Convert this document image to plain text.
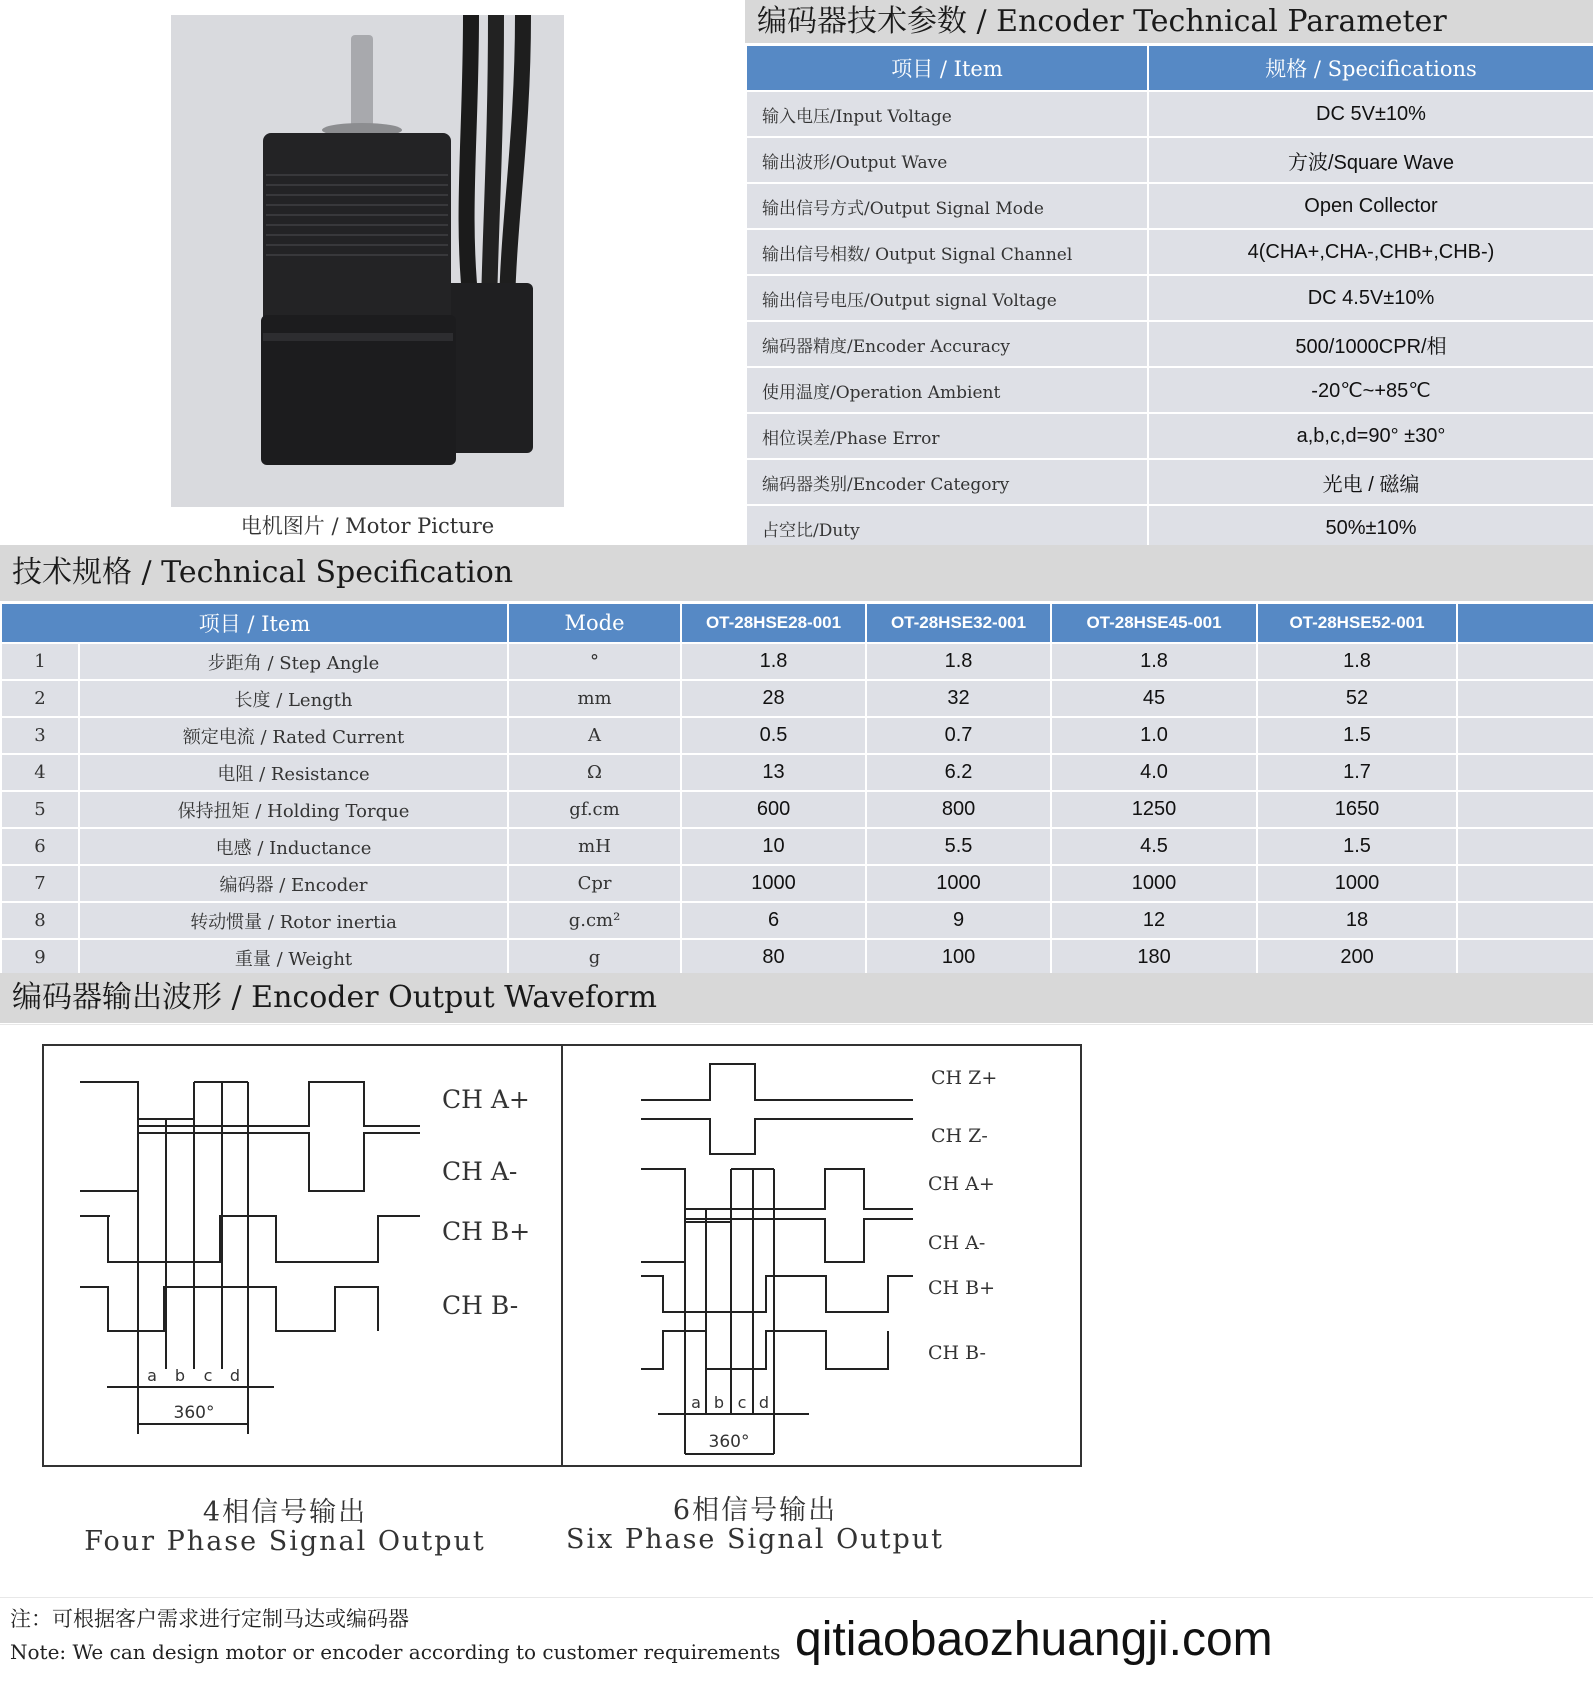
电机图片 / Motor Picture
编码器技术参数 / Encoder Technical Parameter
项目 / Item	规格 / Specifications
输入电压/Input Voltage	DC 5V±10%
输出波形/Output Wave	方波/Square Wave
输出信号方式/Output Signal Mode	Open Collector
输出信号相数/ Output Signal Channel	4(CHA+,CHA-,CHB+,CHB-)
输出信号电压/Output signal Voltage	DC 4.5V±10%
编码器精度/Encoder Accuracy	500/1000CPR/相
使用温度/Operation Ambient	-20℃~+85℃
相位误差/Phase Error	a,b,c,d=90° ±30°
编码器类别/Encoder Category	光电 / 磁编
占空比/Duty	50%±10%
技术规格 / Technical Specification
项目 / Item		Mode	OT-28HSE28-001	OT-28HSE32-001	OT-28HSE45-001	OT-28HSE52-001	
1	步距角 / Step Angle	°	1.8	1.8	1.8	1.8	
2	长度 / Length	mm	28	32	45	52	
3	额定电流 / Rated Current	A	0.5	0.7	1.0	1.5	
4	电阻 / Resistance	Ω	13	6.2	4.0	1.7	
5	保持扭矩 / Holding Torque	gf.cm	600	800	1250	1650	
6	电感 / Inductance	mH	10	5.5	4.5	1.5	
7	编码器 / Encoder	Cpr	1000	1000	1000	1000	
8	转动惯量 / Rotor inertia	g.cm²	6	9	12	18	
9	重量 / Weight	g	80	100	180	200	
编码器输出波形 / Encoder Output Waveform
a b c d
360°
CH A+
CH A-
CH B+
CH B-
a b c d
360°
CH Z+
CH Z-
CH A+
CH A-
CH B+
CH B-
4相信号输出
Four Phase Signal Output
6相信号输出
Six Phase Signal Output
注：可根据客户需求进行定制马达或编码器
Note: We can design motor or encoder according to customer requirements qitiaobaozhuangji.com
